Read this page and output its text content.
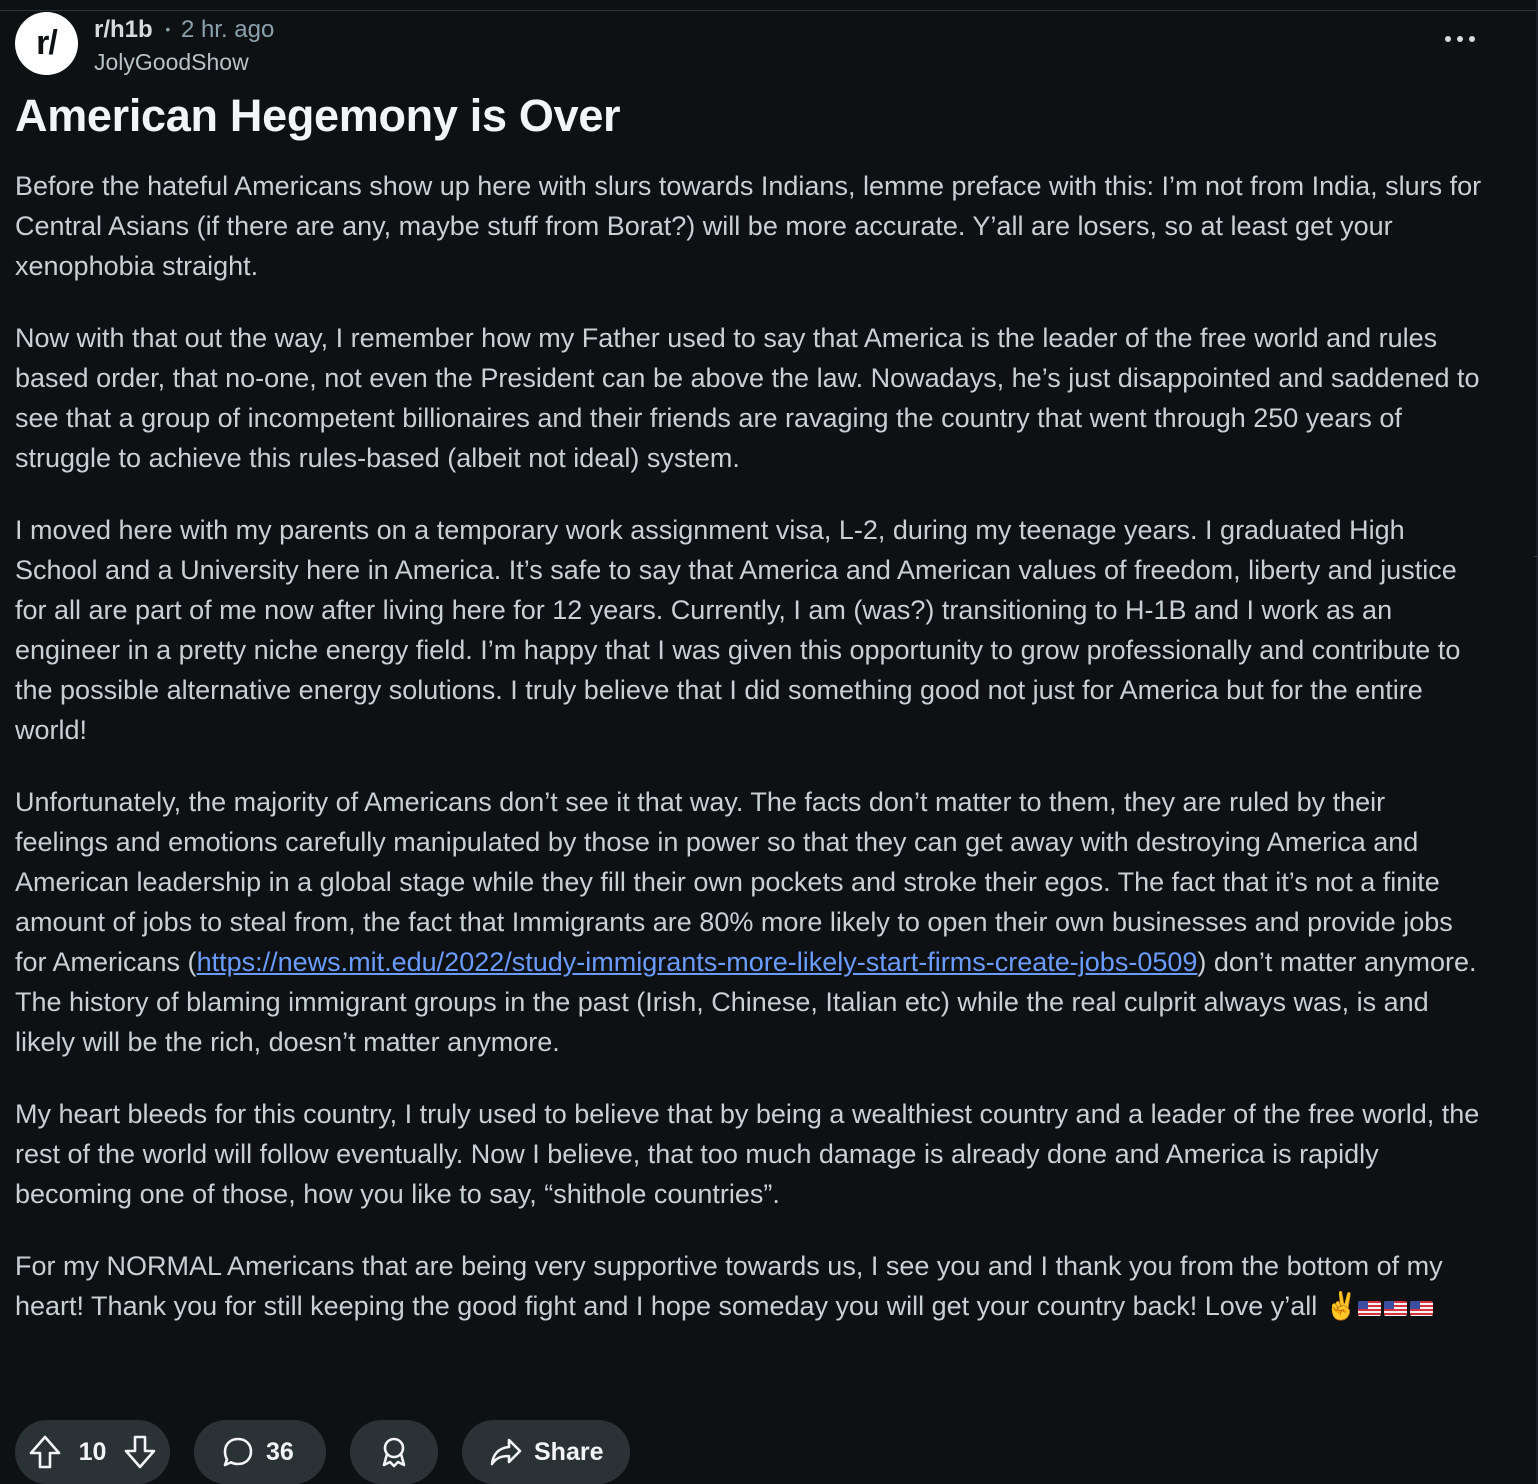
r/ r/h1b • 2 hr. ago
JolyGoodShow
American Hegemony is Over

Before the hateful Americans show up here with slurs towards Indians, lemme preface with this: I’m not from India, slurs for Central Asians (if there are any, maybe stuff from Borat?) will be more accurate. Y’all are losers, so at least get your xenophobia straight.

Now with that out the way, I remember how my Father used to say that America is the leader of the free world and rules based order, that no-one, not even the President can be above the law. Nowadays, he’s just disappointed and saddened to see that a group of incompetent billionaires and their friends are ravaging the country that went through 250 years of struggle to achieve this rules-based (albeit not ideal) system.

I moved here with my parents on a temporary work assignment visa, L-2, during my teenage years. I graduated High School and a University here in America. It’s safe to say that America and American values of freedom, liberty and justice for all are part of me now after living here for 12 years. Currently, I am (was?) transitioning to H-1B and I work as an engineer in a pretty niche energy field. I’m happy that I was given this opportunity to grow professionally and contribute to the possible alternative energy solutions. I truly believe that I did something good not just for America but for the entire world!

Unfortunately, the majority of Americans don’t see it that way. The facts don’t matter to them, they are ruled by their feelings and emotions carefully manipulated by those in power so that they can get away with destroying America and American leadership in a global stage while they fill their own pockets and stroke their egos. The fact that it’s not a finite amount of jobs to steal from, the fact that Immigrants are 80% more likely to open their own businesses and provide jobs for Americans (https://news.mit.edu/2022/study-immigrants-more-likely-start-firms-create-jobs-0509) don’t matter anymore. The history of blaming immigrant groups in the past (Irish, Chinese, Italian etc) while the real culprit always was, is and likely will be the rich, doesn’t matter anymore.

My heart bleeds for this country, I truly used to believe that by being a wealthiest country and a leader of the free world, the rest of the world will follow eventually. Now I believe, that too much damage is already done and America is rapidly becoming one of those, how you like to say, “shithole countries”.

For my NORMAL Americans that are being very supportive towards us, I see you and I thank you from the bottom of my heart! Thank you for still keeping the good fight and I hope someday you will get your country back! Love y’all ✌️

10	36	Share
